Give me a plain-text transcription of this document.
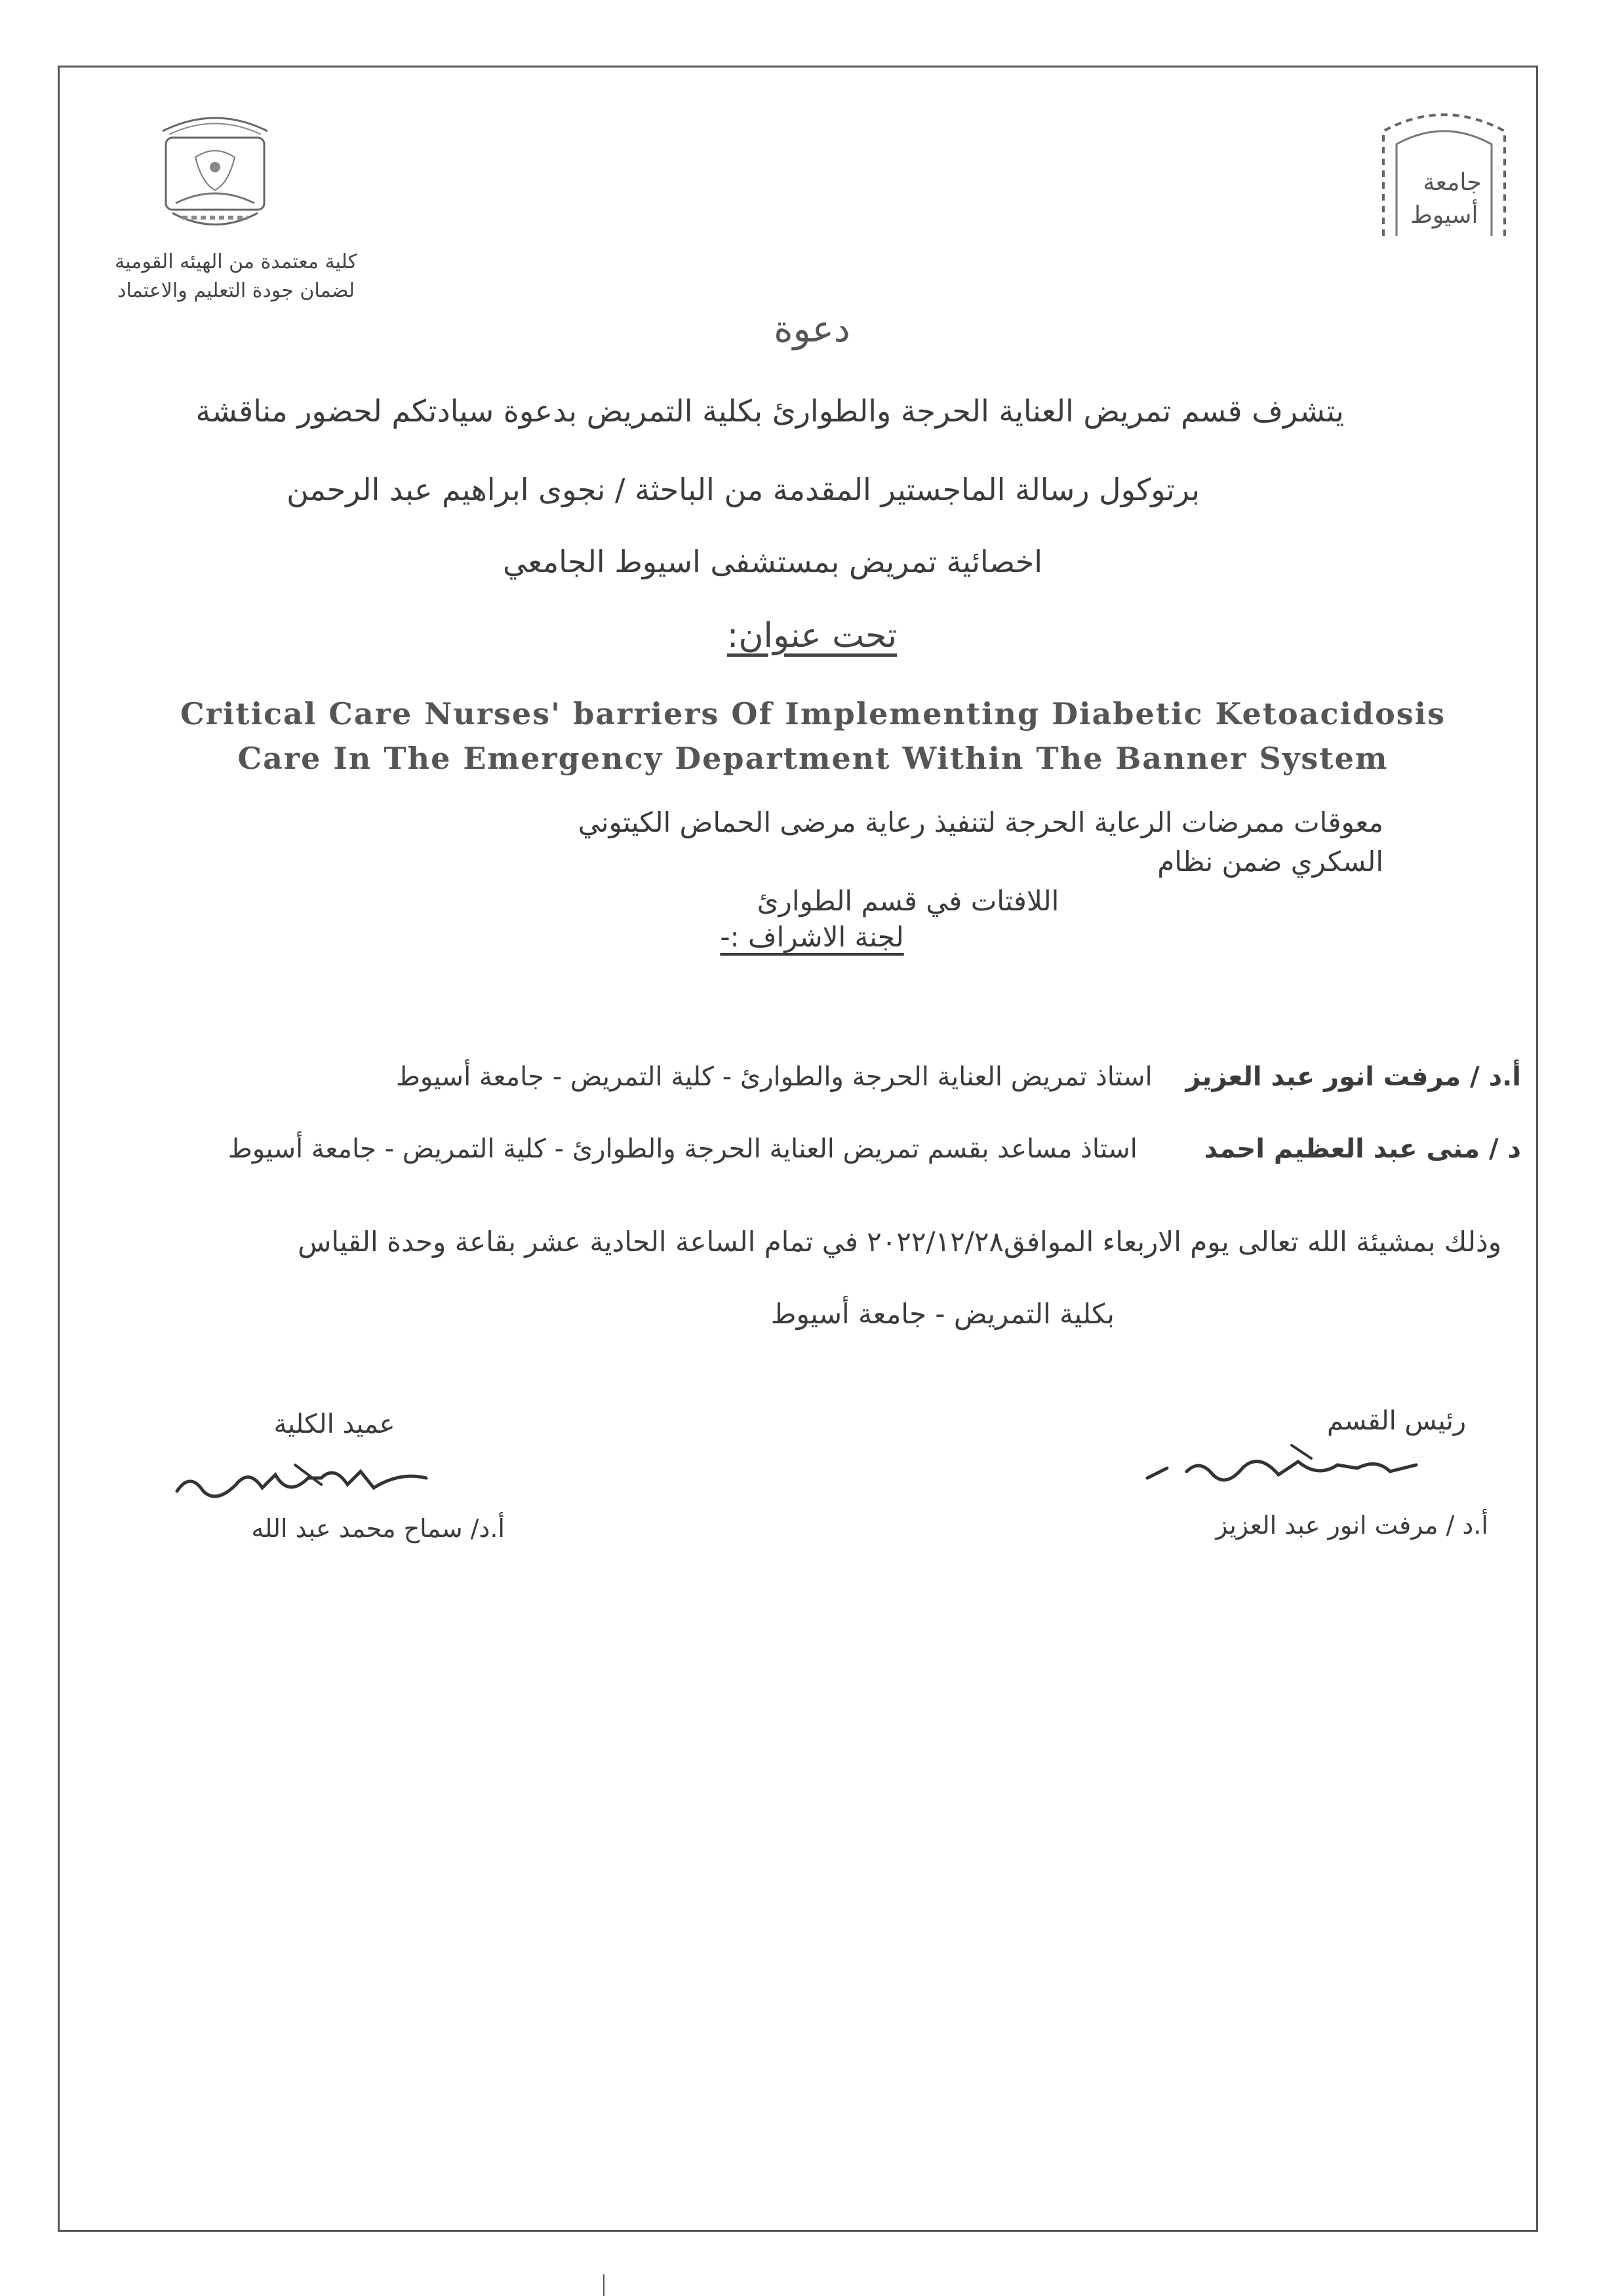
كلية معتمدة من الهيئه القومية
لضمان جودة التعليم والاعتماد
جامعة
أسيوط
دعوة
يتشرف قسم تمريض العناية الحرجة والطوارئ بكلية التمريض بدعوة سيادتكم لحضور مناقشة
برتوكول رسالة الماجستير المقدمة من الباحثة / نجوى ابراهيم عبد الرحمن
اخصائية تمريض بمستشفى اسيوط الجامعي
تحت عنوان:
Critical Care Nurses' barriers Of Implementing Diabetic Ketoacidosis
Care In The Emergency Department Within The Banner System
معوقات ممرضات الرعاية الحرجة لتنفيذ رعاية مرضى الحماض الكيتوني السكري ضمن نظام
اللافتات في قسم الطوارئ
لجنة الاشراف :-
أ.د / مرفت انور عبد العزيز    استاذ تمريض العناية الحرجة والطوارئ - كلية التمريض - جامعة أسيوط
د / منى عبد العظيم احمد        استاذ مساعد بقسم تمريض العناية الحرجة والطوارئ - كلية التمريض - جامعة أسيوط
وذلك بمشيئة الله تعالى يوم الاربعاء الموافق٢٠٢٢/١٢/٢٨ في تمام الساعة الحادية عشر بقاعة وحدة القياس
بكلية التمريض - جامعة أسيوط
عميد الكلية
أ.د/ سماح محمد عبد الله
رئيس القسم
أ.د / مرفت انور عبد العزيز
